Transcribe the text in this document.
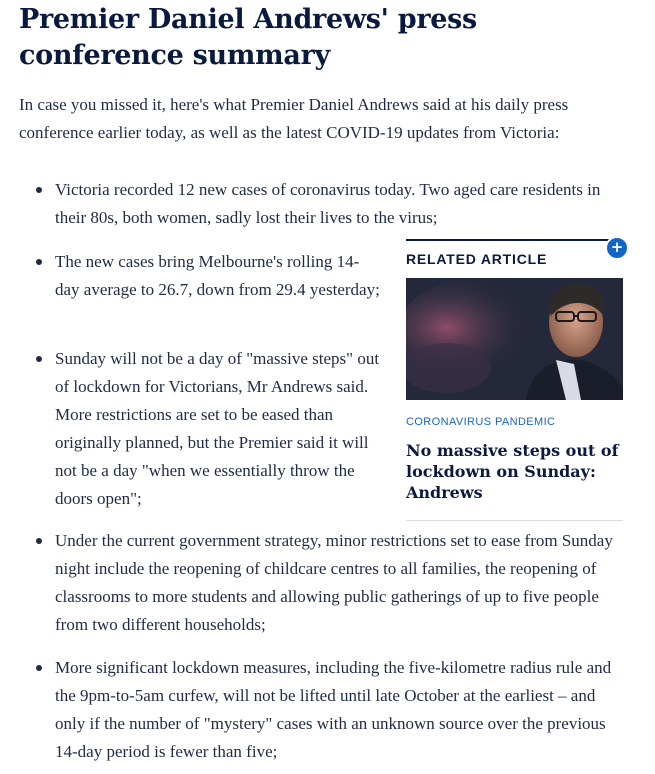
Premier Daniel Andrews' press conference summary

In case you missed it, here's what Premier Daniel Andrews said at his daily press conference earlier today, as well as the latest COVID-19 updates from Victoria:

Victoria recorded 12 new cases of coronavirus today. Two aged care residents in their 80s, both women, sadly lost their lives to the virus;
The new cases bring Melbourne's rolling 14-day average to 26.7, down from 29.4 yesterday;
Sunday will not be a day of "massive steps" out of lockdown for Victorians, Mr Andrews said. More restrictions are set to be eased than originally planned, but the Premier said it will not be a day "when we essentially throw the doors open";
Under the current government strategy, minor restrictions set to ease from Sunday night include the reopening of childcare centres to all families, the reopening of classrooms to more students and allowing public gatherings of up to five people from two different households;
More significant lockdown measures, including the five-kilometre radius rule and the 9pm-to-5am curfew, will not be lifted until late October at the earliest – and only if the number of "mystery" cases with an unknown source over the previous 14-day period is fewer than five;
RELATED ARTICLE
+
CORONAVIRUS PANDEMIC
No massive steps out of lockdown on Sunday: Andrews
